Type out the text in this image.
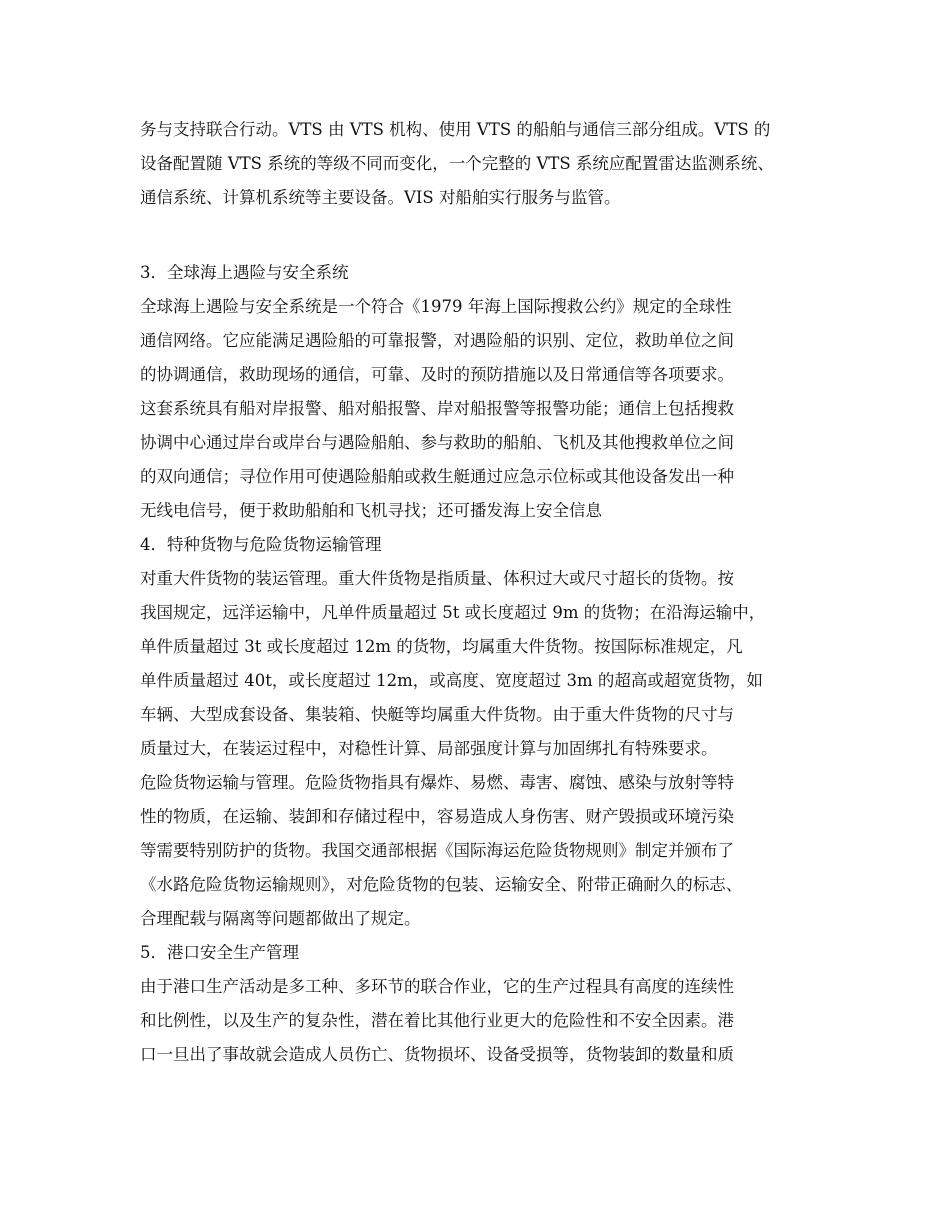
务与支持联合行动。VTS 由 VTS 机构、使用 VTS 的船舶与通信三部分组成。VTS 的
设备配置随 VTS 系统的等级不同而变化，一个完整的 VTS 系统应配置雷达监测系统、
通信系统、计算机系统等主要设备。VIS 对船舶实行服务与监管。
3．全球海上遇险与安全系统
全球海上遇险与安全系统是一个符合《1979 年海上国际搜救公约》规定的全球性
通信网络。它应能满足遇险船的可靠报警，对遇险船的识别、定位，救助单位之间
的协调通信，救助现场的通信，可靠、及时的预防措施以及日常通信等各项要求。
这套系统具有船对岸报警、船对船报警、岸对船报警等报警功能；通信上包括搜救
协调中心通过岸台或岸台与遇险船舶、参与救助的船舶、飞机及其他搜救单位之间
的双向通信；寻位作用可使遇险船舶或救生艇通过应急示位标或其他设备发出一种
无线电信号，便于救助船舶和飞机寻找；还可播发海上安全信息
4．特种货物与危险货物运输管理
对重大件货物的装运管理。重大件货物是指质量、体积过大或尺寸超长的货物。按
我国规定，远洋运输中，凡单件质量超过 5t 或长度超过 9m 的货物；在沿海运输中，
单件质量超过 3t 或长度超过 12m 的货物，均属重大件货物。按国际标准规定，凡
单件质量超过 40t，或长度超过 12m，或高度、宽度超过 3m 的超高或超宽货物，如
车辆、大型成套设备、集装箱、快艇等均属重大件货物。由于重大件货物的尺寸与
质量过大，在装运过程中，对稳性计算、局部强度计算与加固绑扎有特殊要求。
危险货物运输与管理。危险货物指具有爆炸、易燃、毒害、腐蚀、感染与放射等特
性的物质，在运输、装卸和存储过程中，容易造成人身伤害、财产毁损或环境污染
等需要特别防护的货物。我国交通部根据《国际海运危险货物规则》制定并颁布了
《水路危险货物运输规则》，对危险货物的包装、运输安全、附带正确耐久的标志、
合理配载与隔离等问题都做出了规定。
5．港口安全生产管理
由于港口生产活动是多工种、多环节的联合作业，它的生产过程具有高度的连续性
和比例性，以及生产的复杂性，潜在着比其他行业更大的危险性和不安全因素。港
口一旦出了事故就会造成人员伤亡、货物损坏、设备受损等，货物装卸的数量和质
